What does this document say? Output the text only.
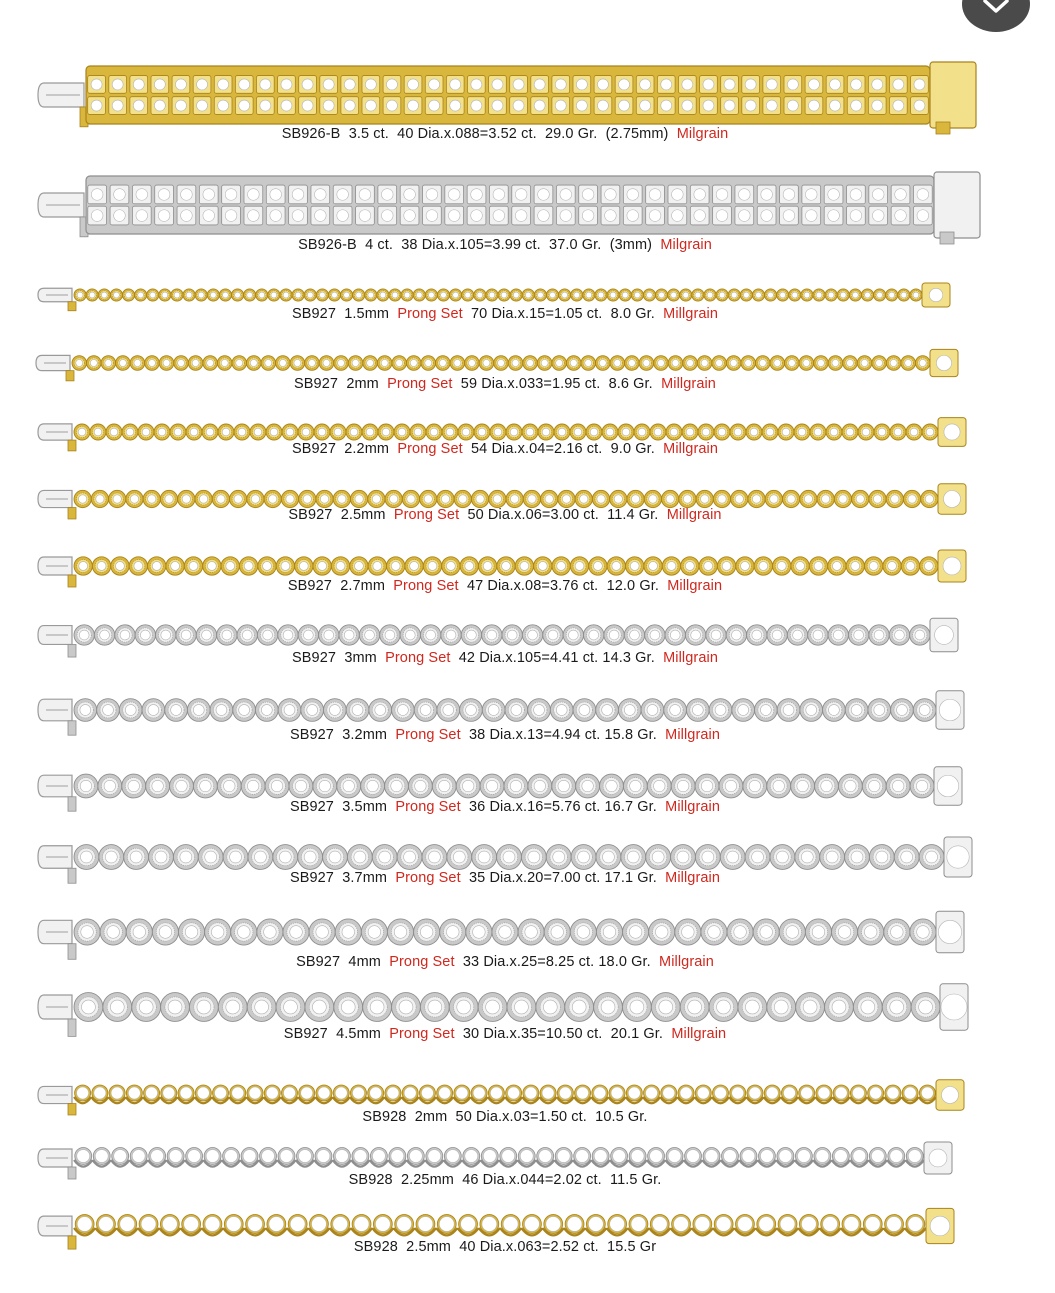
SB926-B 3.5 ct. 40 Dia.x.088=3.52 ct.  29.0 Gr.  (2.75mm) Milgrain
SB926-B 4 ct. 38 Dia.x.105=3.99 ct.  37.0 Gr.  (3mm) Milgrain
SB927 1.5mm Prong Set 70 Dia.x.15=1.05 ct.  8.0 Gr. Millgrain
SB927 2mm Prong Set 59 Dia.x.033=1.95 ct.  8.6 Gr. Millgrain
SB927 2.2mm Prong Set 54 Dia.x.04=2.16 ct.  9.0 Gr. Millgrain
SB927 2.5mm Prong Set 50 Dia.x.06=3.00 ct.  11.4 Gr. Millgrain
SB927 2.7mm Prong Set 47 Dia.x.08=3.76 ct.  12.0 Gr. Millgrain
SB927 3mm Prong Set 42 Dia.x.105=4.41 ct. 14.3 Gr. Millgrain
SB927 3.2mm Prong Set 38 Dia.x.13=4.94 ct. 15.8 Gr. Millgrain
SB927 3.5mm Prong Set 36 Dia.x.16=5.76 ct. 16.7 Gr. Millgrain
SB927 3.7mm Prong Set 35 Dia.x.20=7.00 ct. 17.1 Gr. Millgrain
SB927 4mm Prong Set 33 Dia.x.25=8.25 ct. 18.0 Gr. Millgrain
SB927 4.5mm Prong Set 30 Dia.x.35=10.50 ct.  20.1 Gr. Millgrain
SB928 2mm 50 Dia.x.03=1.50 ct.  10.5 Gr.
SB928 2.25mm 46 Dia.x.044=2.02 ct.  11.5 Gr.
SB928 2.5mm 40 Dia.x.063=2.52 ct.  15.5 Gr
